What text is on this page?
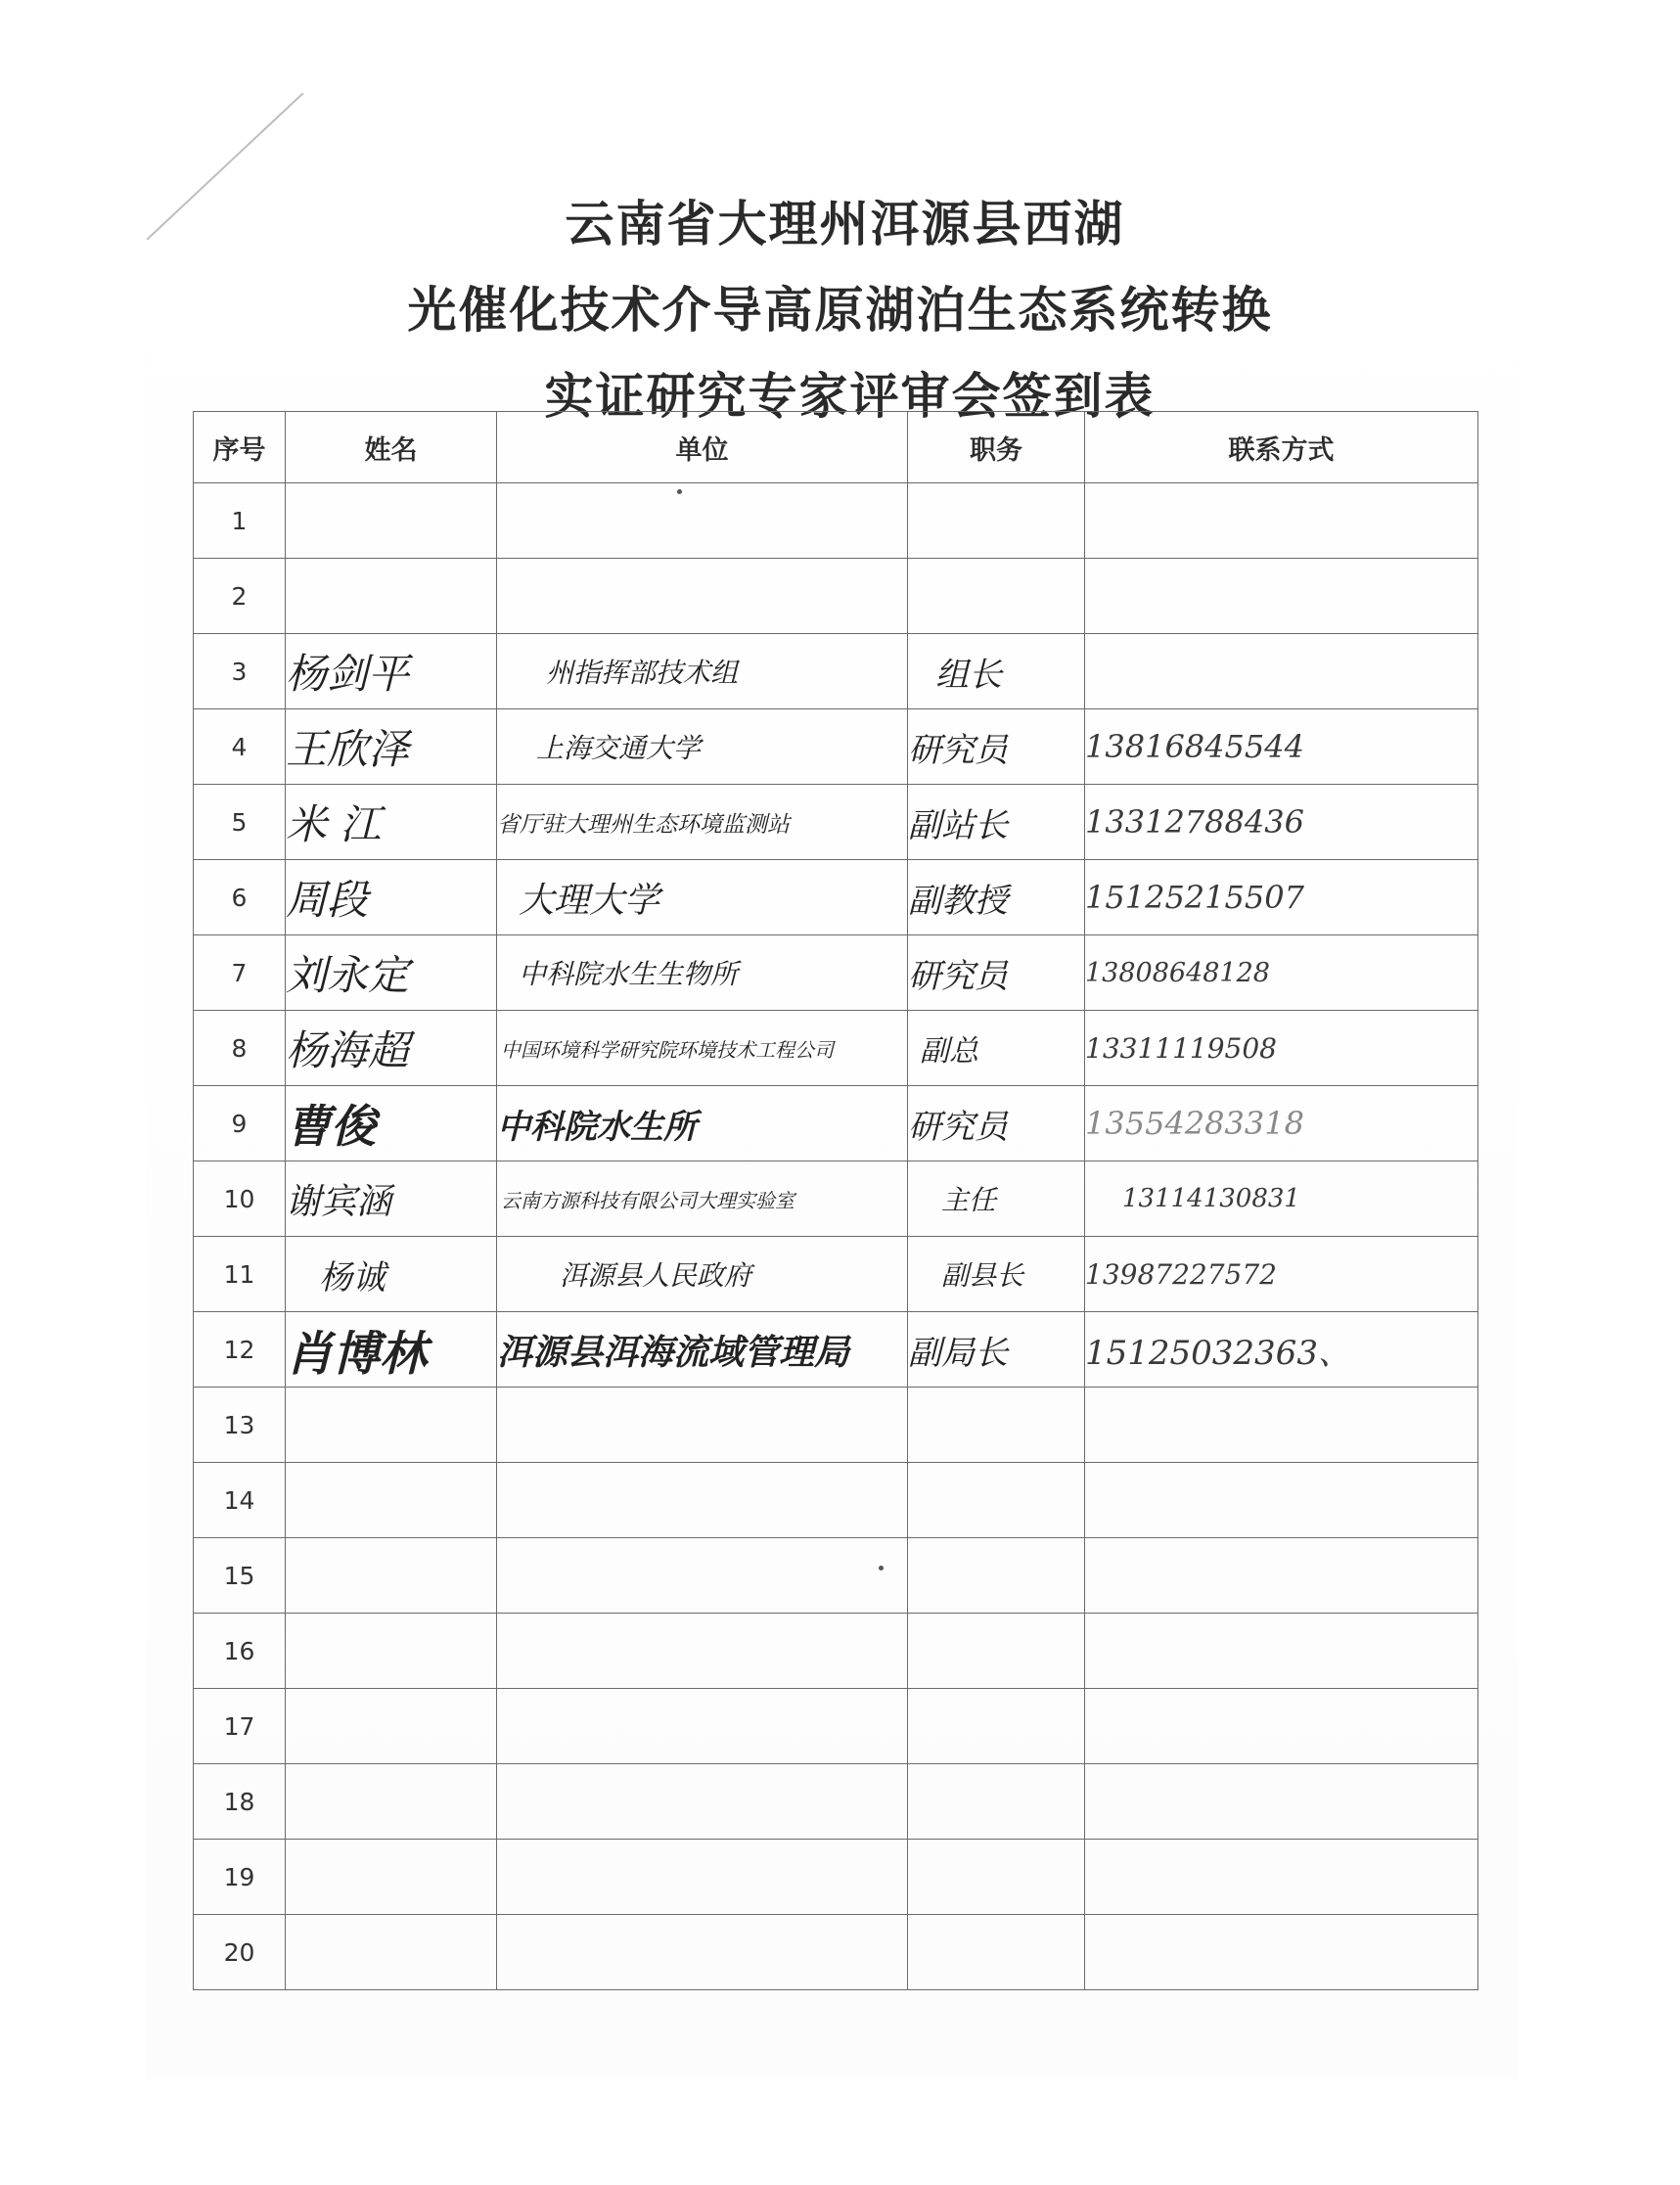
云南省大理州洱源县西湖
光催化技术介导高原湖泊生态系统转换
实证研究专家评审会签到表
序号	姓名	单位	职务	联系方式
1		

2				
3	杨剑平	州指挥部技术组	组长	
4	王欣泽	上海交通大学	研究员	13816845544
5	米 江	省厅驻大理州生态环境监测站	副站长	13312788436
6	周段	大理大学	副教授	15125215507
7	刘永定	中科院水生生物所	研究员	13808648128
8	杨海超	中国环境科学研究院环境技术工程公司	副总	13311119508
9	曹俊	中科院水生所	研究员	13554283318
10	谢宾涵	云南方源科技有限公司大理实验室	主任	13114130831
11	杨诚	洱源县人民政府	副县长	13987227572
12	肖博林	洱源县洱海流域管理局	副局长	15125032363、
13				
14				
15			

16				
17				
18				
19				
20				
